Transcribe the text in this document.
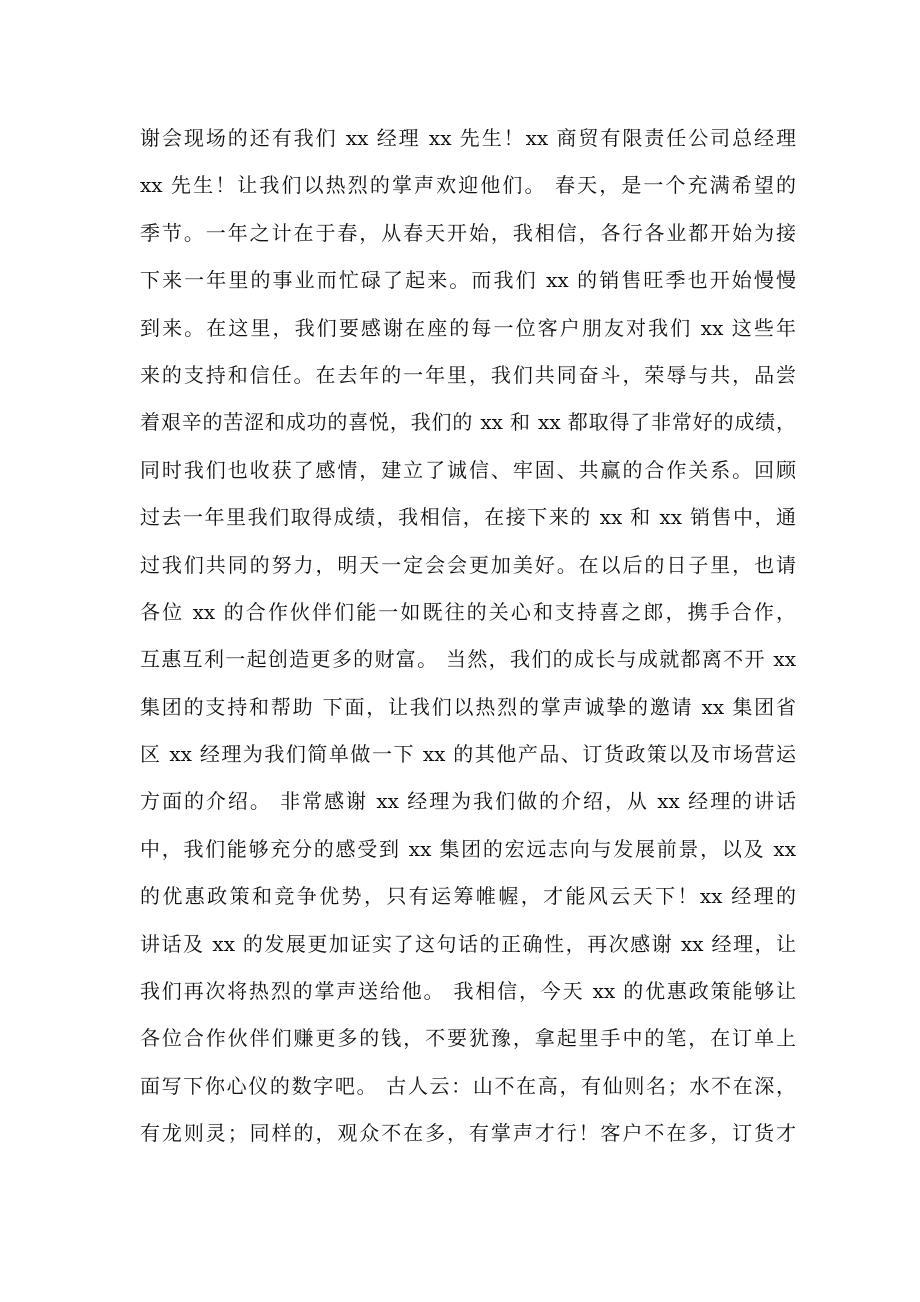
谢会现场的还有我们 xx 经理 xx 先生！xx 商贸有限责任公司总经理
xx 先生！让我们以热烈的掌声欢迎他们。 春天，是一个充满希望的
季节。一年之计在于春，从春天开始，我相信，各行各业都开始为接
下来一年里的事业而忙碌了起来。而我们 xx 的销售旺季也开始慢慢
到来。在这里，我们要感谢在座的每一位客户朋友对我们 xx 这些年
来的支持和信任。在去年的一年里，我们共同奋斗，荣辱与共，品尝
着艰辛的苦涩和成功的喜悦，我们的 xx 和 xx 都取得了非常好的成绩，
同时我们也收获了感情，建立了诚信、牢固、共赢的合作关系。回顾
过去一年里我们取得成绩，我相信，在接下来的 xx 和 xx 销售中，通
过我们共同的努力，明天一定会会更加美好。在以后的日子里，也请
各位 xx 的合作伙伴们能一如既往的关心和支持喜之郎，携手合作，
互惠互利一起创造更多的财富。 当然，我们的成长与成就都离不开 xx
集团的支持和帮助 下面，让我们以热烈的掌声诚挚的邀请 xx 集团省
区 xx 经理为我们简单做一下 xx 的其他产品、订货政策以及市场营运
方面的介绍。 非常感谢 xx 经理为我们做的介绍，从 xx 经理的讲话
中，我们能够充分的感受到 xx 集团的宏远志向与发展前景，以及 xx
的优惠政策和竞争优势，只有运筹帷幄，才能风云天下！xx 经理的
讲话及 xx 的发展更加证实了这句话的正确性，再次感谢 xx 经理，让
我们再次将热烈的掌声送给他。 我相信，今天 xx 的优惠政策能够让
各位合作伙伴们赚更多的钱，不要犹豫，拿起里手中的笔，在订单上
面写下你心仪的数字吧。 古人云：山不在高，有仙则名；水不在深，
有龙则灵；同样的，观众不在多，有掌声才行！客户不在多，订货才
